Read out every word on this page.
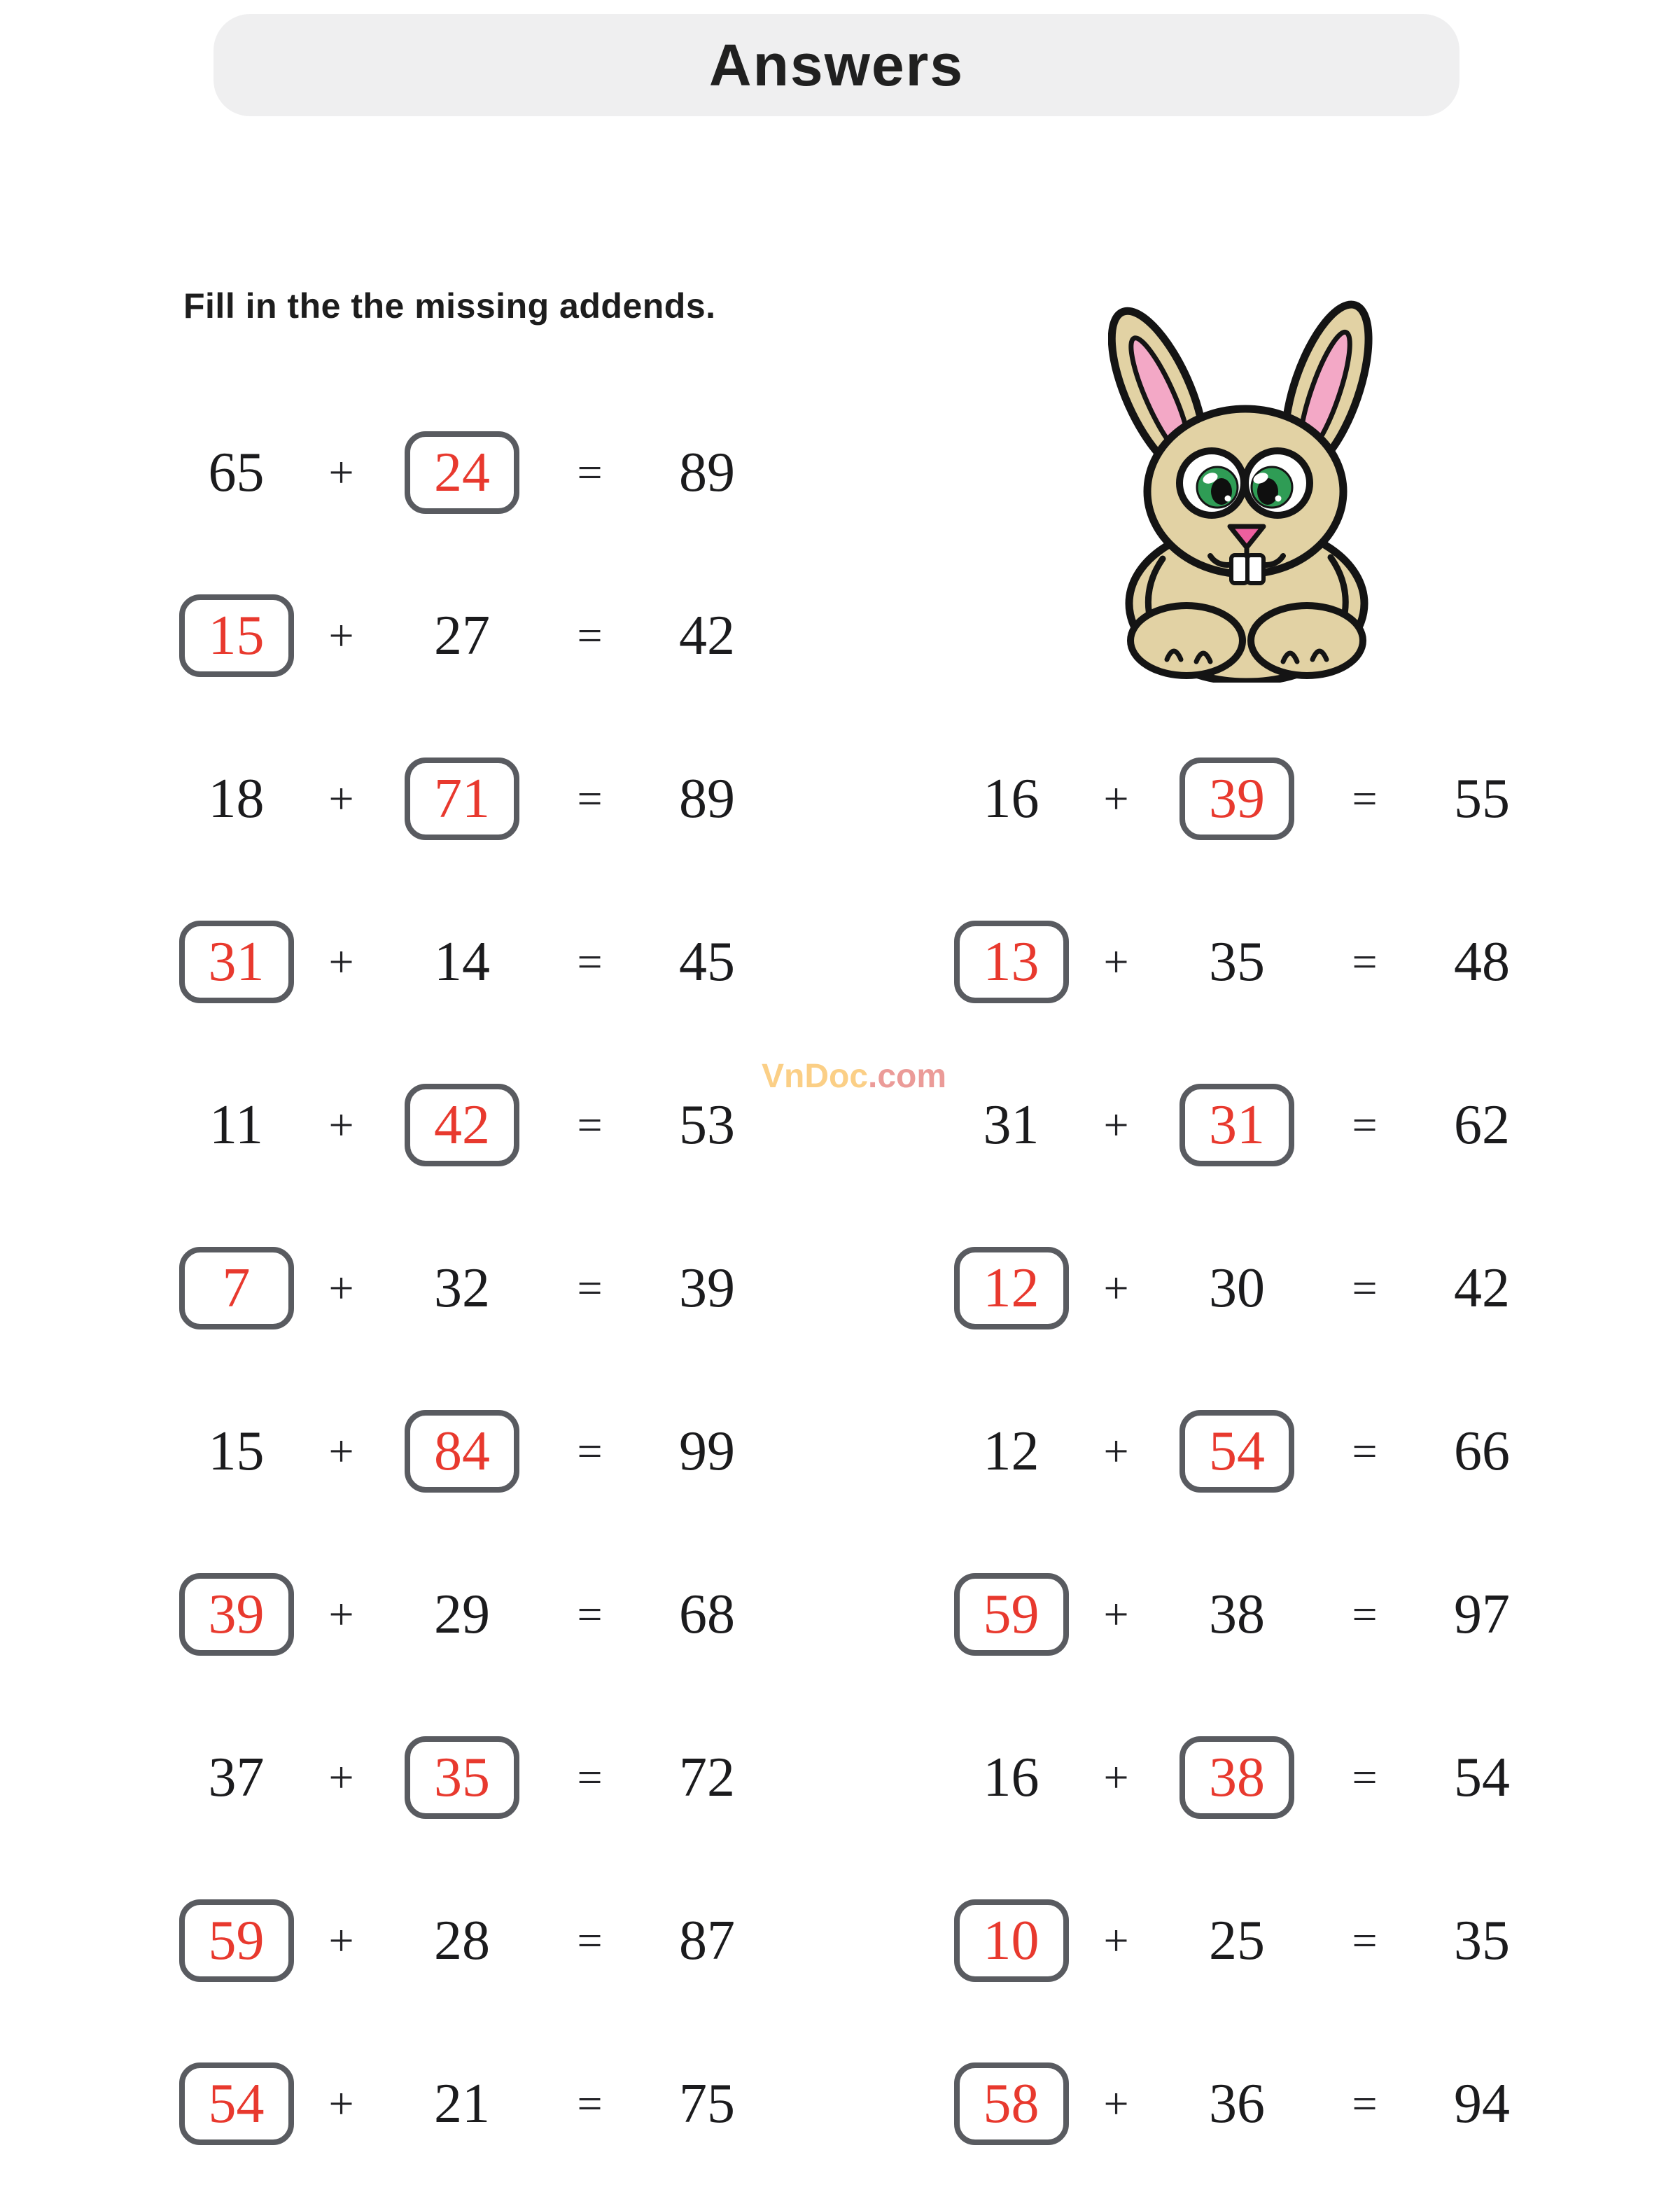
Answers
Fill in the the missing addends.
VnDoc.com
65	+	24	=	89
15	+	27	=	42
18	+	71	=	89
31	+	14	=	45
11	+	42	=	53
7	+	32	=	39
15	+	84	=	99
39	+	29	=	68
37	+	35	=	72
59	+	28	=	87
54	+	21	=	75
16	+	39	=	55
13	+	35	=	48
31	+	31	=	62
12	+	30	=	42
12	+	54	=	66
59	+	38	=	97
16	+	38	=	54
10	+	25	=	35
58	+	36	=	94
